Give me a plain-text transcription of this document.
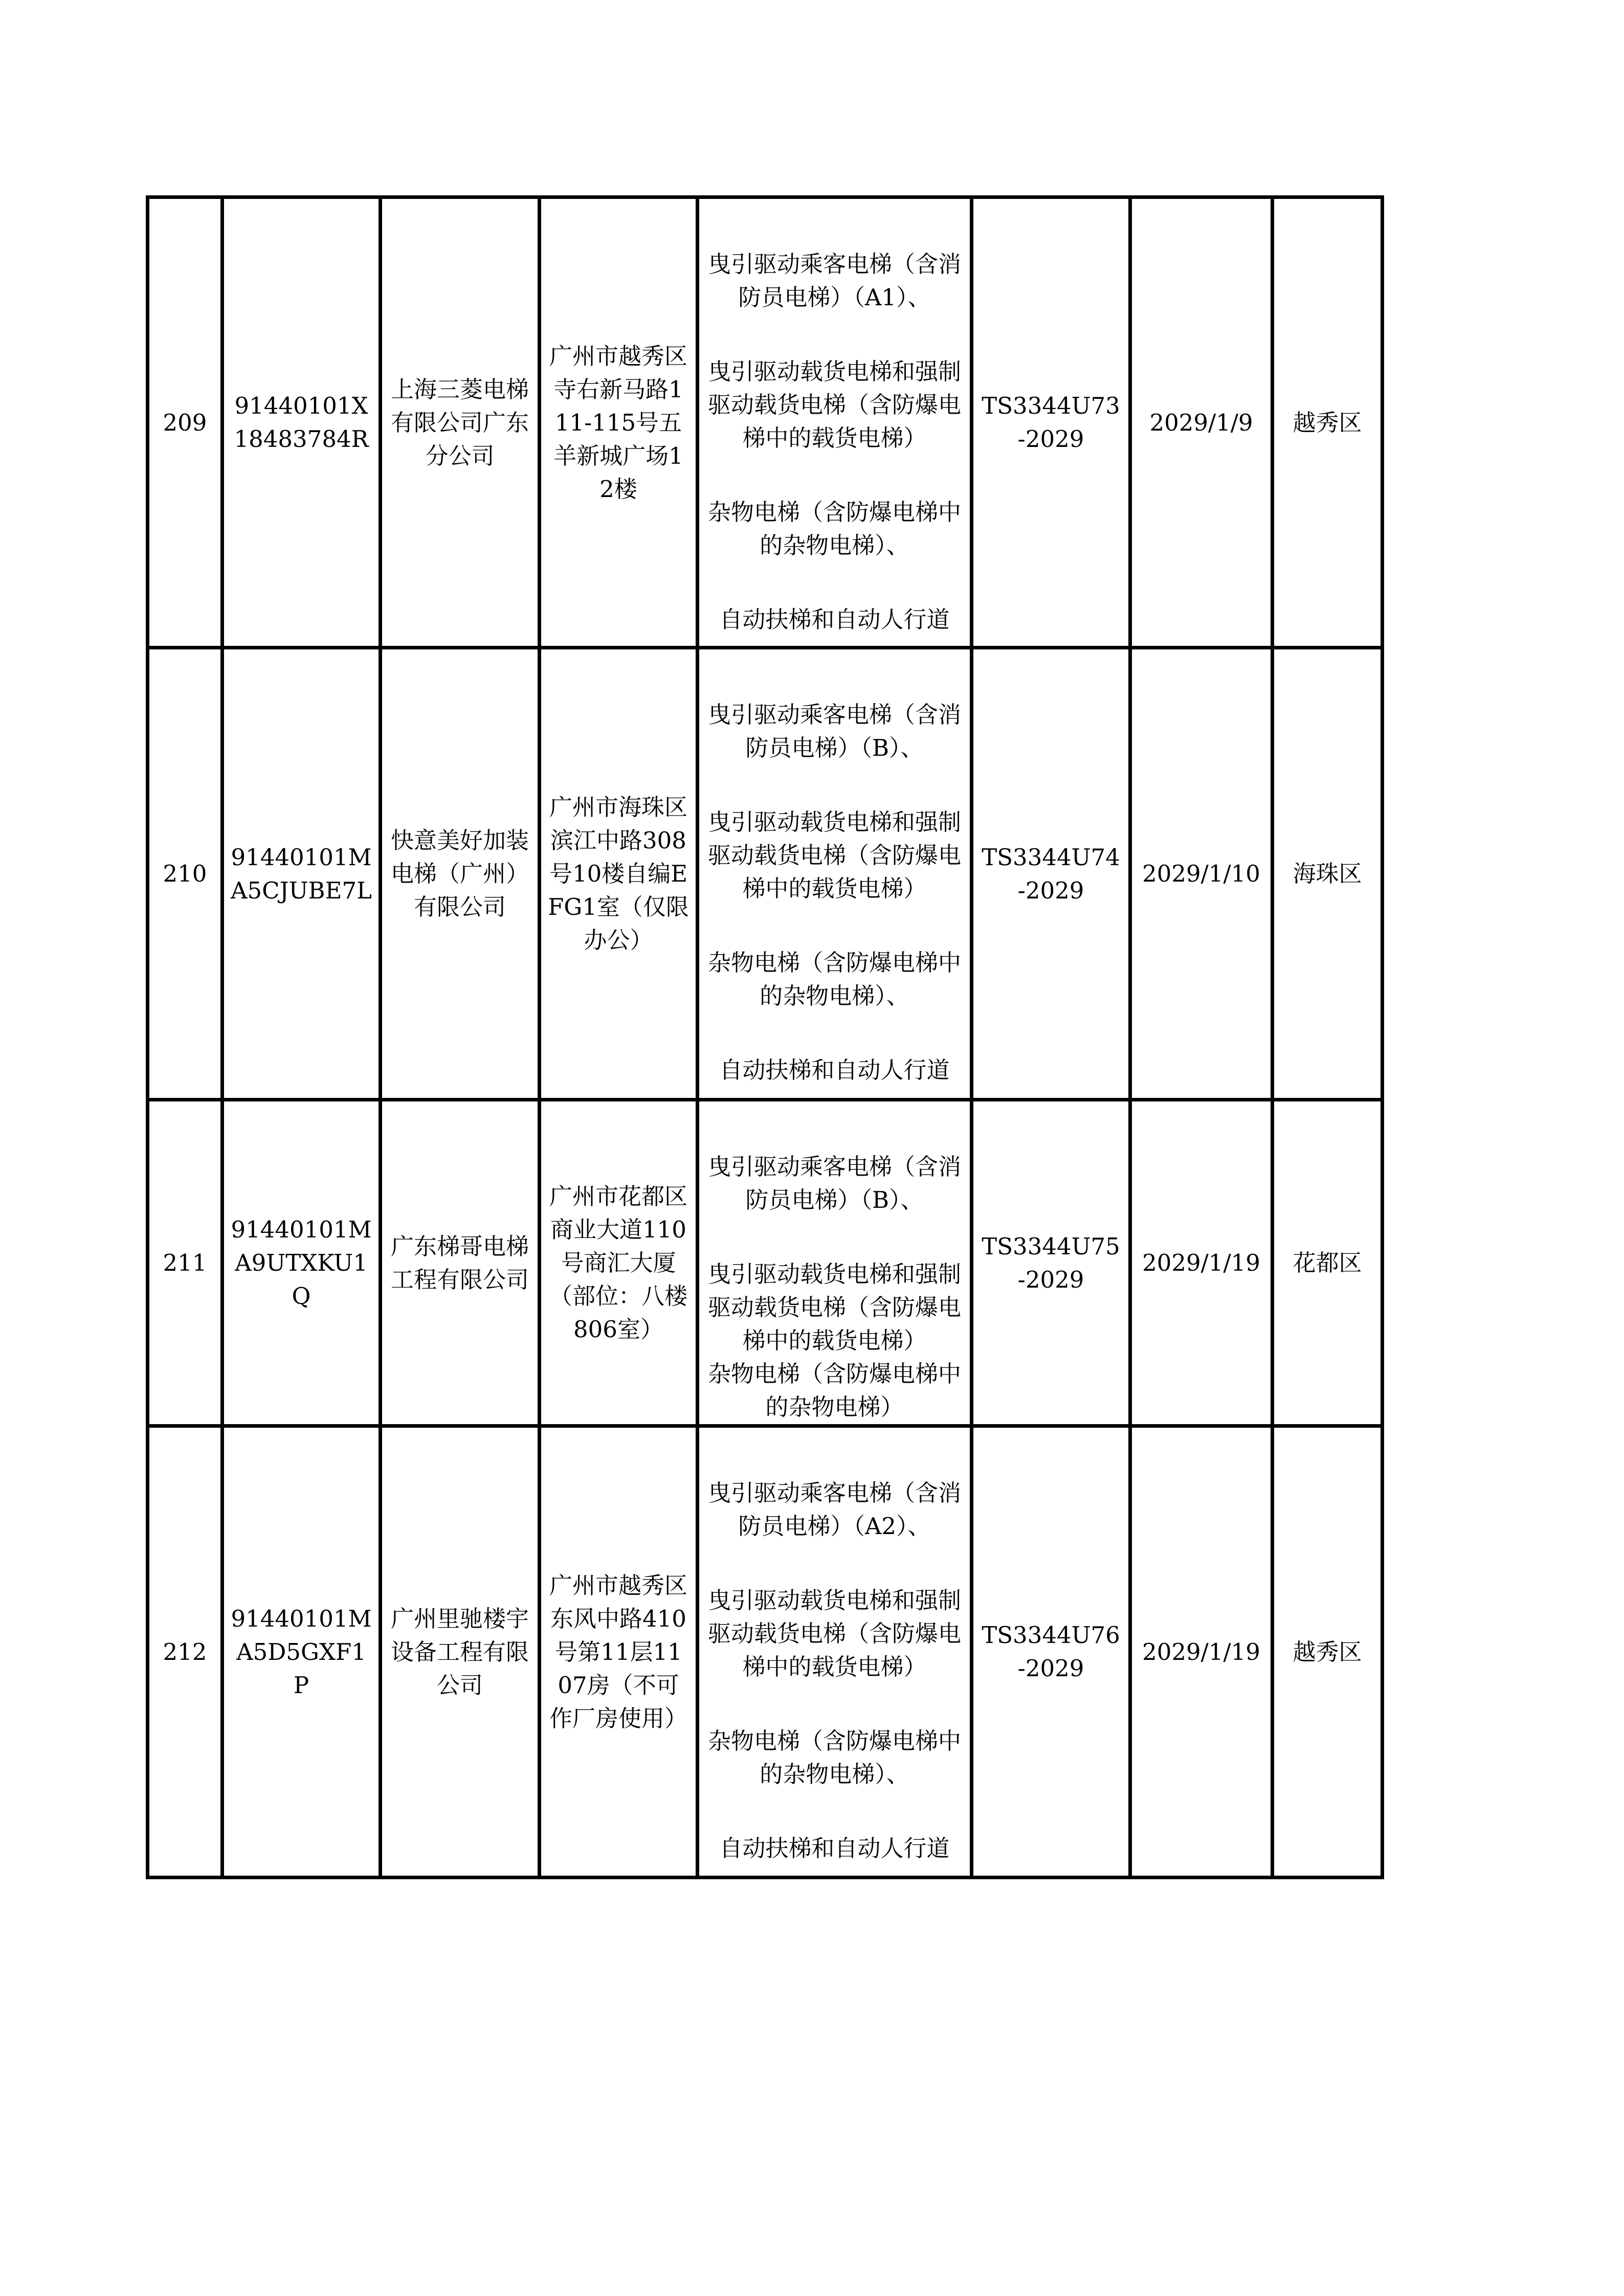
209	91440101X18483784R	上海三菱电梯有限公司广东分公司	广州市越秀区寺右新马路111-115号五羊新城广场12楼	曳引驱动乘客电梯（含消防员电梯）（A1）、

曳引驱动载货电梯和强制驱动载货电梯（含防爆电梯中的载货电梯）

杂物电梯（含防爆电梯中的杂物电梯）、

自动扶梯和自动人行道	TS3344U73-2029	2029/1/9	越秀区
210	91440101MA5CJUBE7L	快意美好加装电梯（广州）有限公司	广州市海珠区滨江中路308号10楼自编EFG1室（仅限办公）	曳引驱动乘客电梯（含消防员电梯）（B）、

曳引驱动载货电梯和强制驱动载货电梯（含防爆电梯中的载货电梯）

杂物电梯（含防爆电梯中的杂物电梯）、

自动扶梯和自动人行道	TS3344U74-2029	2029/1/10	海珠区
211	91440101MA9UTXKU1Q	广东梯哥电梯工程有限公司	广州市花都区商业大道110号商汇大厦（部位：八楼806室）	曳引驱动乘客电梯（含消防员电梯）（B）、

曳引驱动载货电梯和强制驱动载货电梯（含防爆电梯中的载货电梯）

杂物电梯（含防爆电梯中的杂物电梯）	TS3344U75-2029	2029/1/19	花都区
212	91440101MA5D5GXF1P	广州里驰楼宇设备工程有限公司	广州市越秀区东风中路410号第11层1107房（不可作厂房使用）	曳引驱动乘客电梯（含消防员电梯）（A2）、

曳引驱动载货电梯和强制驱动载货电梯（含防爆电梯中的载货电梯）

杂物电梯（含防爆电梯中的杂物电梯）、

自动扶梯和自动人行道	TS3344U76-2029	2029/1/19	越秀区
